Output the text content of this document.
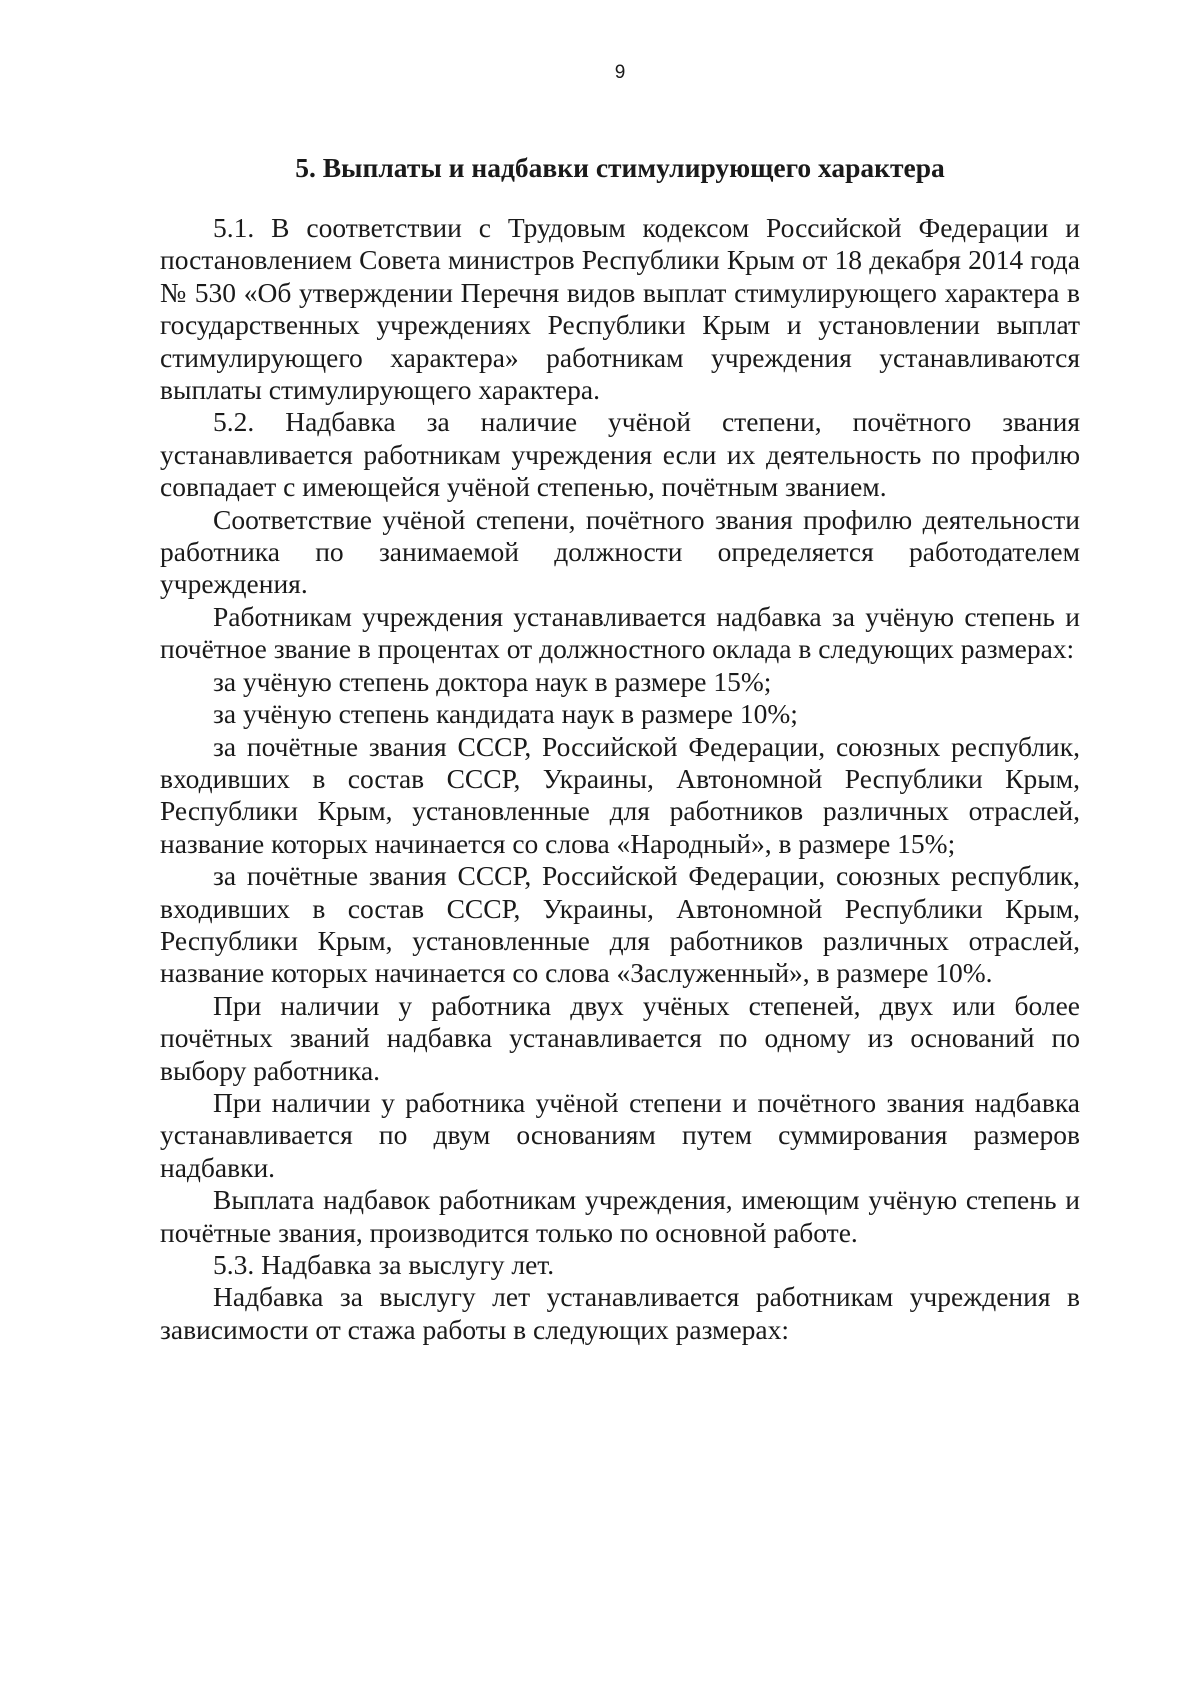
9
5. Выплаты и надбавки стимулирующего характера

5.1. В соответствии с Трудовым кодексом Российской Федерации и постановлением Совета министров Республики Крым от 18 декабря 2014 года № 530 «Об утверждении Перечня видов выплат стимулирующего характера в государственных учреждениях Республики Крым и установлении выплат стимулирующего характера» работникам учреждения устанавливаются выплаты стимулирующего характера.

5.2. Надбавка за наличие учёной степени, почётного звания устанавливается работникам учреждения если их деятельность по профилю совпадает с имеющейся учёной степенью, почётным званием.

Соответствие учёной степени, почётного звания профилю деятельности работника по занимаемой должности определяется работодателем учреждения.

Работникам учреждения устанавливается надбавка за учёную степень и почётное звание в процентах от должностного оклада в следующих размерах:

за учёную степень доктора наук в размере 15%;

за учёную степень кандидата наук в размере 10%;

за почётные звания СССР, Российской Федерации, союзных республик, входивших в состав СССР, Украины, Автономной Республики Крым, Республики Крым, установленные для работников различных отраслей, название которых начинается со слова «Народный», в размере 15%;

за почётные звания СССР, Российской Федерации, союзных республик, входивших в состав СССР, Украины, Автономной Республики Крым, Республики Крым, установленные для работников различных отраслей, название которых начинается со слова «Заслуженный», в размере 10%.

При наличии у работника двух учёных степеней, двух или более почётных званий надбавка устанавливается по одному из оснований по выбору работника.

При наличии у работника учёной степени и почётного звания надбавка устанавливается по двум основаниям путем суммирования размеров надбавки.

Выплата надбавок работникам учреждения, имеющим учёную степень и почётные звания, производится только по основной работе.

5.3. Надбавка за выслугу лет.

Надбавка за выслугу лет устанавливается работникам учреждения в зависимости от стажа работы в следующих размерах:
